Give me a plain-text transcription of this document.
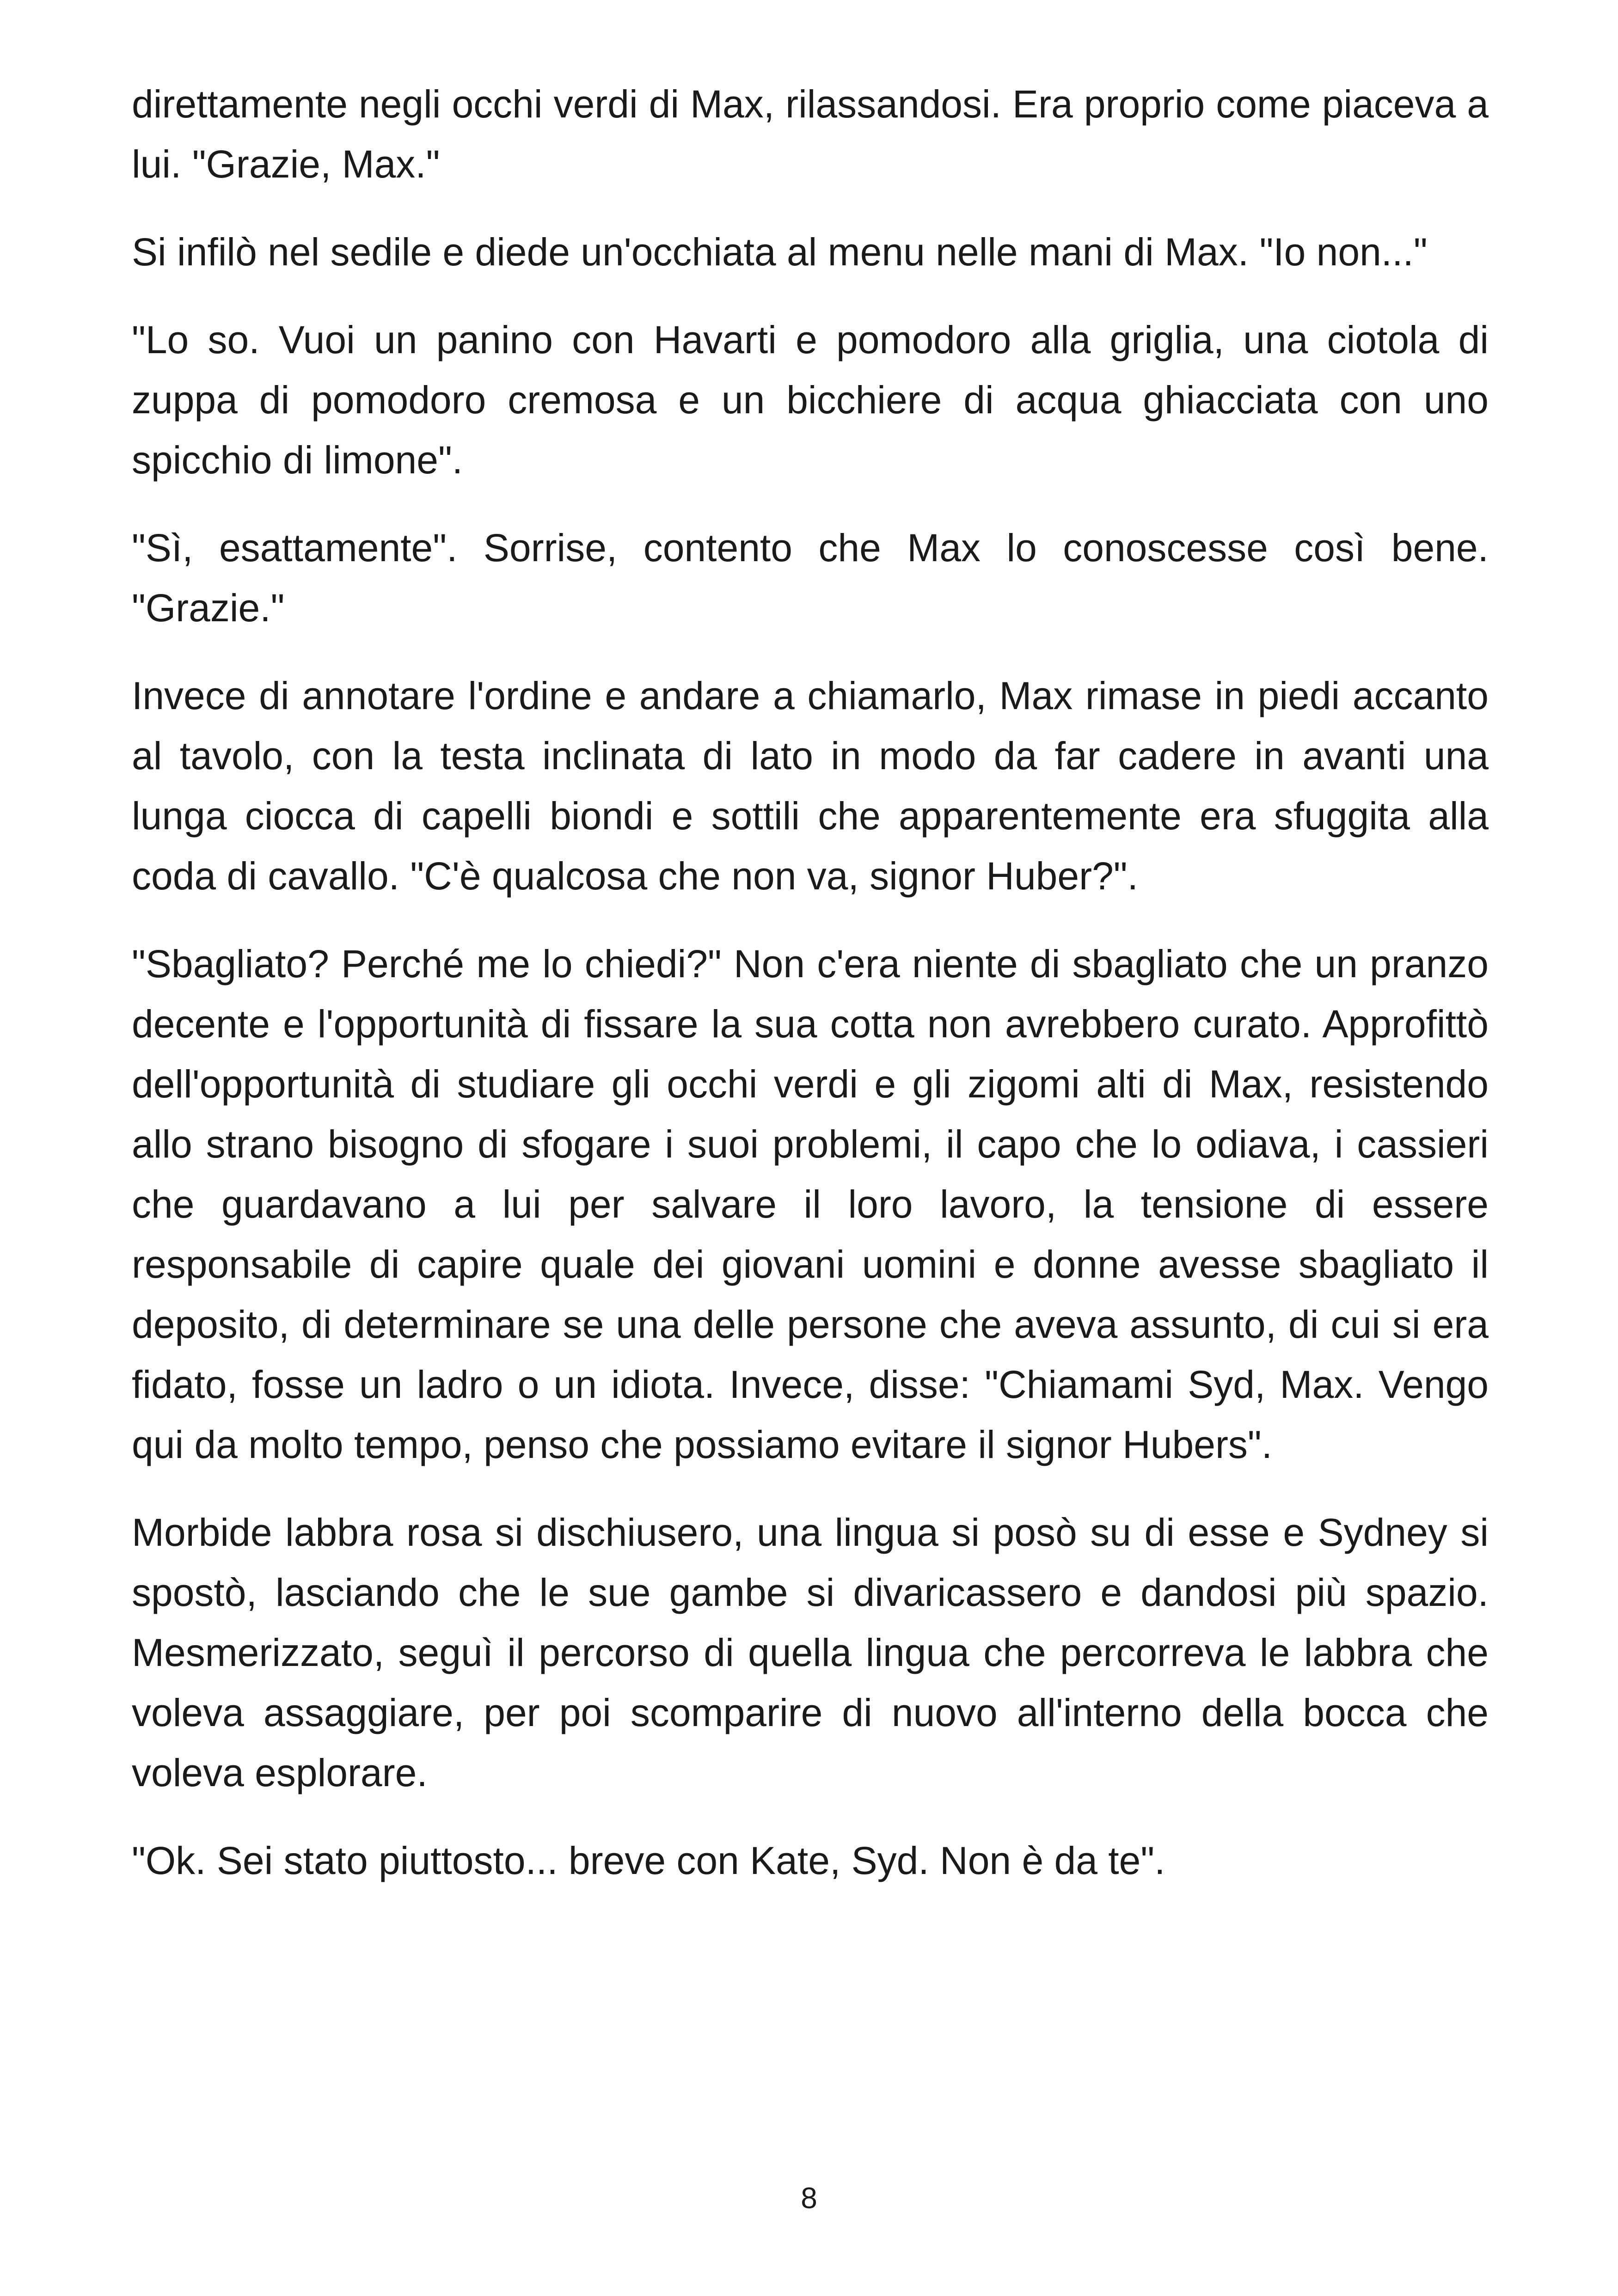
direttamente negli occhi verdi di Max, rilassandosi. Era proprio come piaceva a lui. "Grazie, Max."

Si infilò nel sedile e diede un'occhiata al menu nelle mani di Max. "Io non..."

"Lo so. Vuoi un panino con Havarti e pomodoro alla griglia, una ciotola di zuppa di pomodoro cremosa e un bicchiere di acqua ghiacciata con uno spicchio di limone".

"Sì, esattamente". Sorrise, contento che Max lo conoscesse così bene. "Grazie."

Invece di annotare l'ordine e andare a chiamarlo, Max rimase in piedi accanto al tavolo, con la testa inclinata di lato in modo da far cadere in avanti una lunga ciocca di capelli biondi e sottili che apparentemente era sfuggita alla coda di cavallo. "C'è qualcosa che non va, signor Huber?".

"Sbagliato? Perché me lo chiedi?" Non c'era niente di sbagliato che un pranzo decente e l'opportunità di fissare la sua cotta non avrebbero curato. Approfittò dell'opportunità di studiare gli occhi verdi e gli zigomi alti di Max, resistendo allo strano bisogno di sfogare i suoi problemi, il capo che lo odiava, i cassieri che guardavano a lui per salvare il loro lavoro, la tensione di essere responsabile di capire quale dei giovani uomini e donne avesse sbagliato il deposito, di determinare se una delle persone che aveva assunto, di cui si era fidato, fosse un ladro o un idiota. Invece, disse: "Chiamami Syd, Max. Vengo qui da molto tempo, penso che possiamo evitare il signor Hubers".

Morbide labbra rosa si dischiusero, una lingua si posò su di esse e Sydney si spostò, lasciando che le sue gambe si divaricassero e dandosi più spazio. Mesmerizzato, seguì il percorso di quella lingua che percorreva le labbra che voleva assaggiare, per poi scomparire di nuovo all'interno della bocca che voleva esplorare.

"Ok. Sei stato piuttosto... breve con Kate, Syd. Non è da te".

8
